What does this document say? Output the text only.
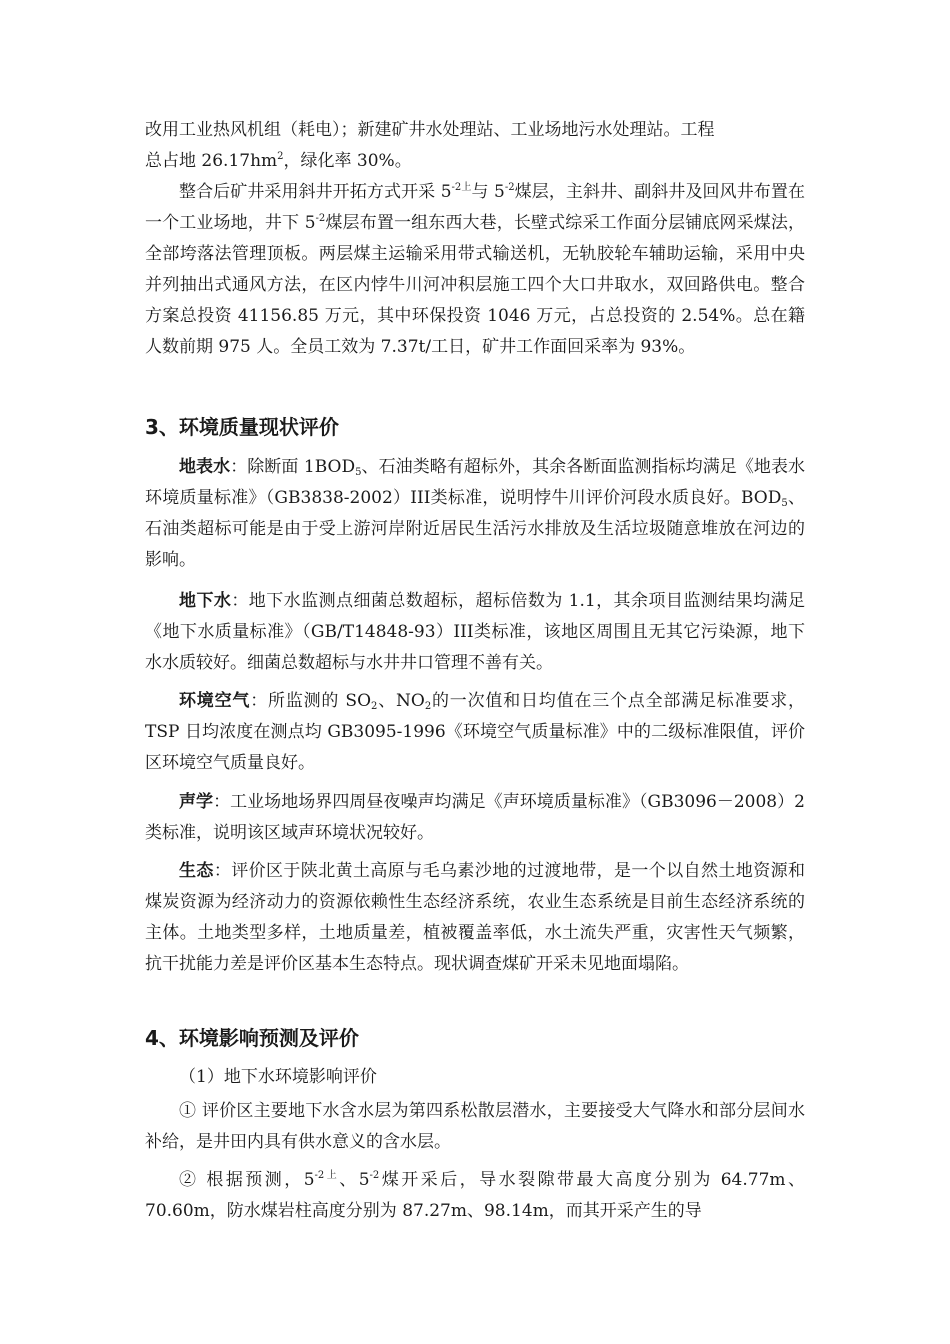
改用工业热风机组（耗电）；新建矿井水处理站、工业场地污水处理站。工程
总占地 $26.17hm^2$，绿化率 30%。
整合后矿井采用斜井开拓方式开采 $5^{-2上}$与 $5^{-2}$煤层，主斜井、副斜井及回风井布置在一个工业场地，井下 $5^{-2}$煤层布置一组东西大巷，长壁式综采工作面分层铺底网采煤法，全部垮落法管理顶板。两层煤主运输采用带式输送机，无轨胶轮车辅助运输，采用中央并列抽出式通风方法，在区内悖牛川河冲积层施工四个大口井取水，双回路供电。整合方案总投资 41156.85 万元，其中环保投资 1046 万元，占总投资的 2.54%。总在籍人数前期 975 人。全员工效为 7.37t/工日，矿井工作面回采率为 93%。
3、环境质量现状评价
地表水：除断面 $1BOD_5$、石油类略有超标外，其余各断面监测指标均满足《地表水环境质量标准》（GB3838-2002）III类标准，说明悖牛川评价河段水质良好。$BOD_5$、石油类超标可能是由于受上游河岸附近居民生活污水排放及生活垃圾随意堆放在河边的影响。
地下水：地下水监测点细菌总数超标，超标倍数为 1.1，其余项目监测结果均满足《地下水质量标准》（GB/T14848-93）III类标准，该地区周围且无其它污染源，地下水水质较好。细菌总数超标与水井井口管理不善有关。
环境空气：所监测的 $SO_2$、$NO_2$的一次值和日均值在三个点全部满足标准要求，TSP 日均浓度在测点均 GB3095-1996《环境空气质量标准》中的二级标准限值，评价区环境空气质量良好。
声学：工业场地场界四周昼夜噪声均满足《声环境质量标准》（GB3096－2008）2 类标准，说明该区域声环境状况较好。
生态：评价区于陕北黄土高原与毛乌素沙地的过渡地带，是一个以自然土地资源和煤炭资源为经济动力的资源依赖性生态经济系统，农业生态系统是目前生态经济系统的主体。土地类型多样，土地质量差，植被覆盖率低，水土流失严重，灾害性天气频繁，抗干扰能力差是评价区基本生态特点。现状调查煤矿开采未见地面塌陷。
4、环境影响预测及评价
（1）地下水环境影响评价
① 评价区主要地下水含水层为第四系松散层潜水，主要接受大气降水和部分层间水补给，是井田内具有供水意义的含水层。
② 根据预测，$5^{-2上}$、$5^{-2}$煤开采后，导水裂隙带最大高度分别为 64.77m、70.60m，防水煤岩柱高度分别为 87.27m、98.14m，而其开采产生的导
